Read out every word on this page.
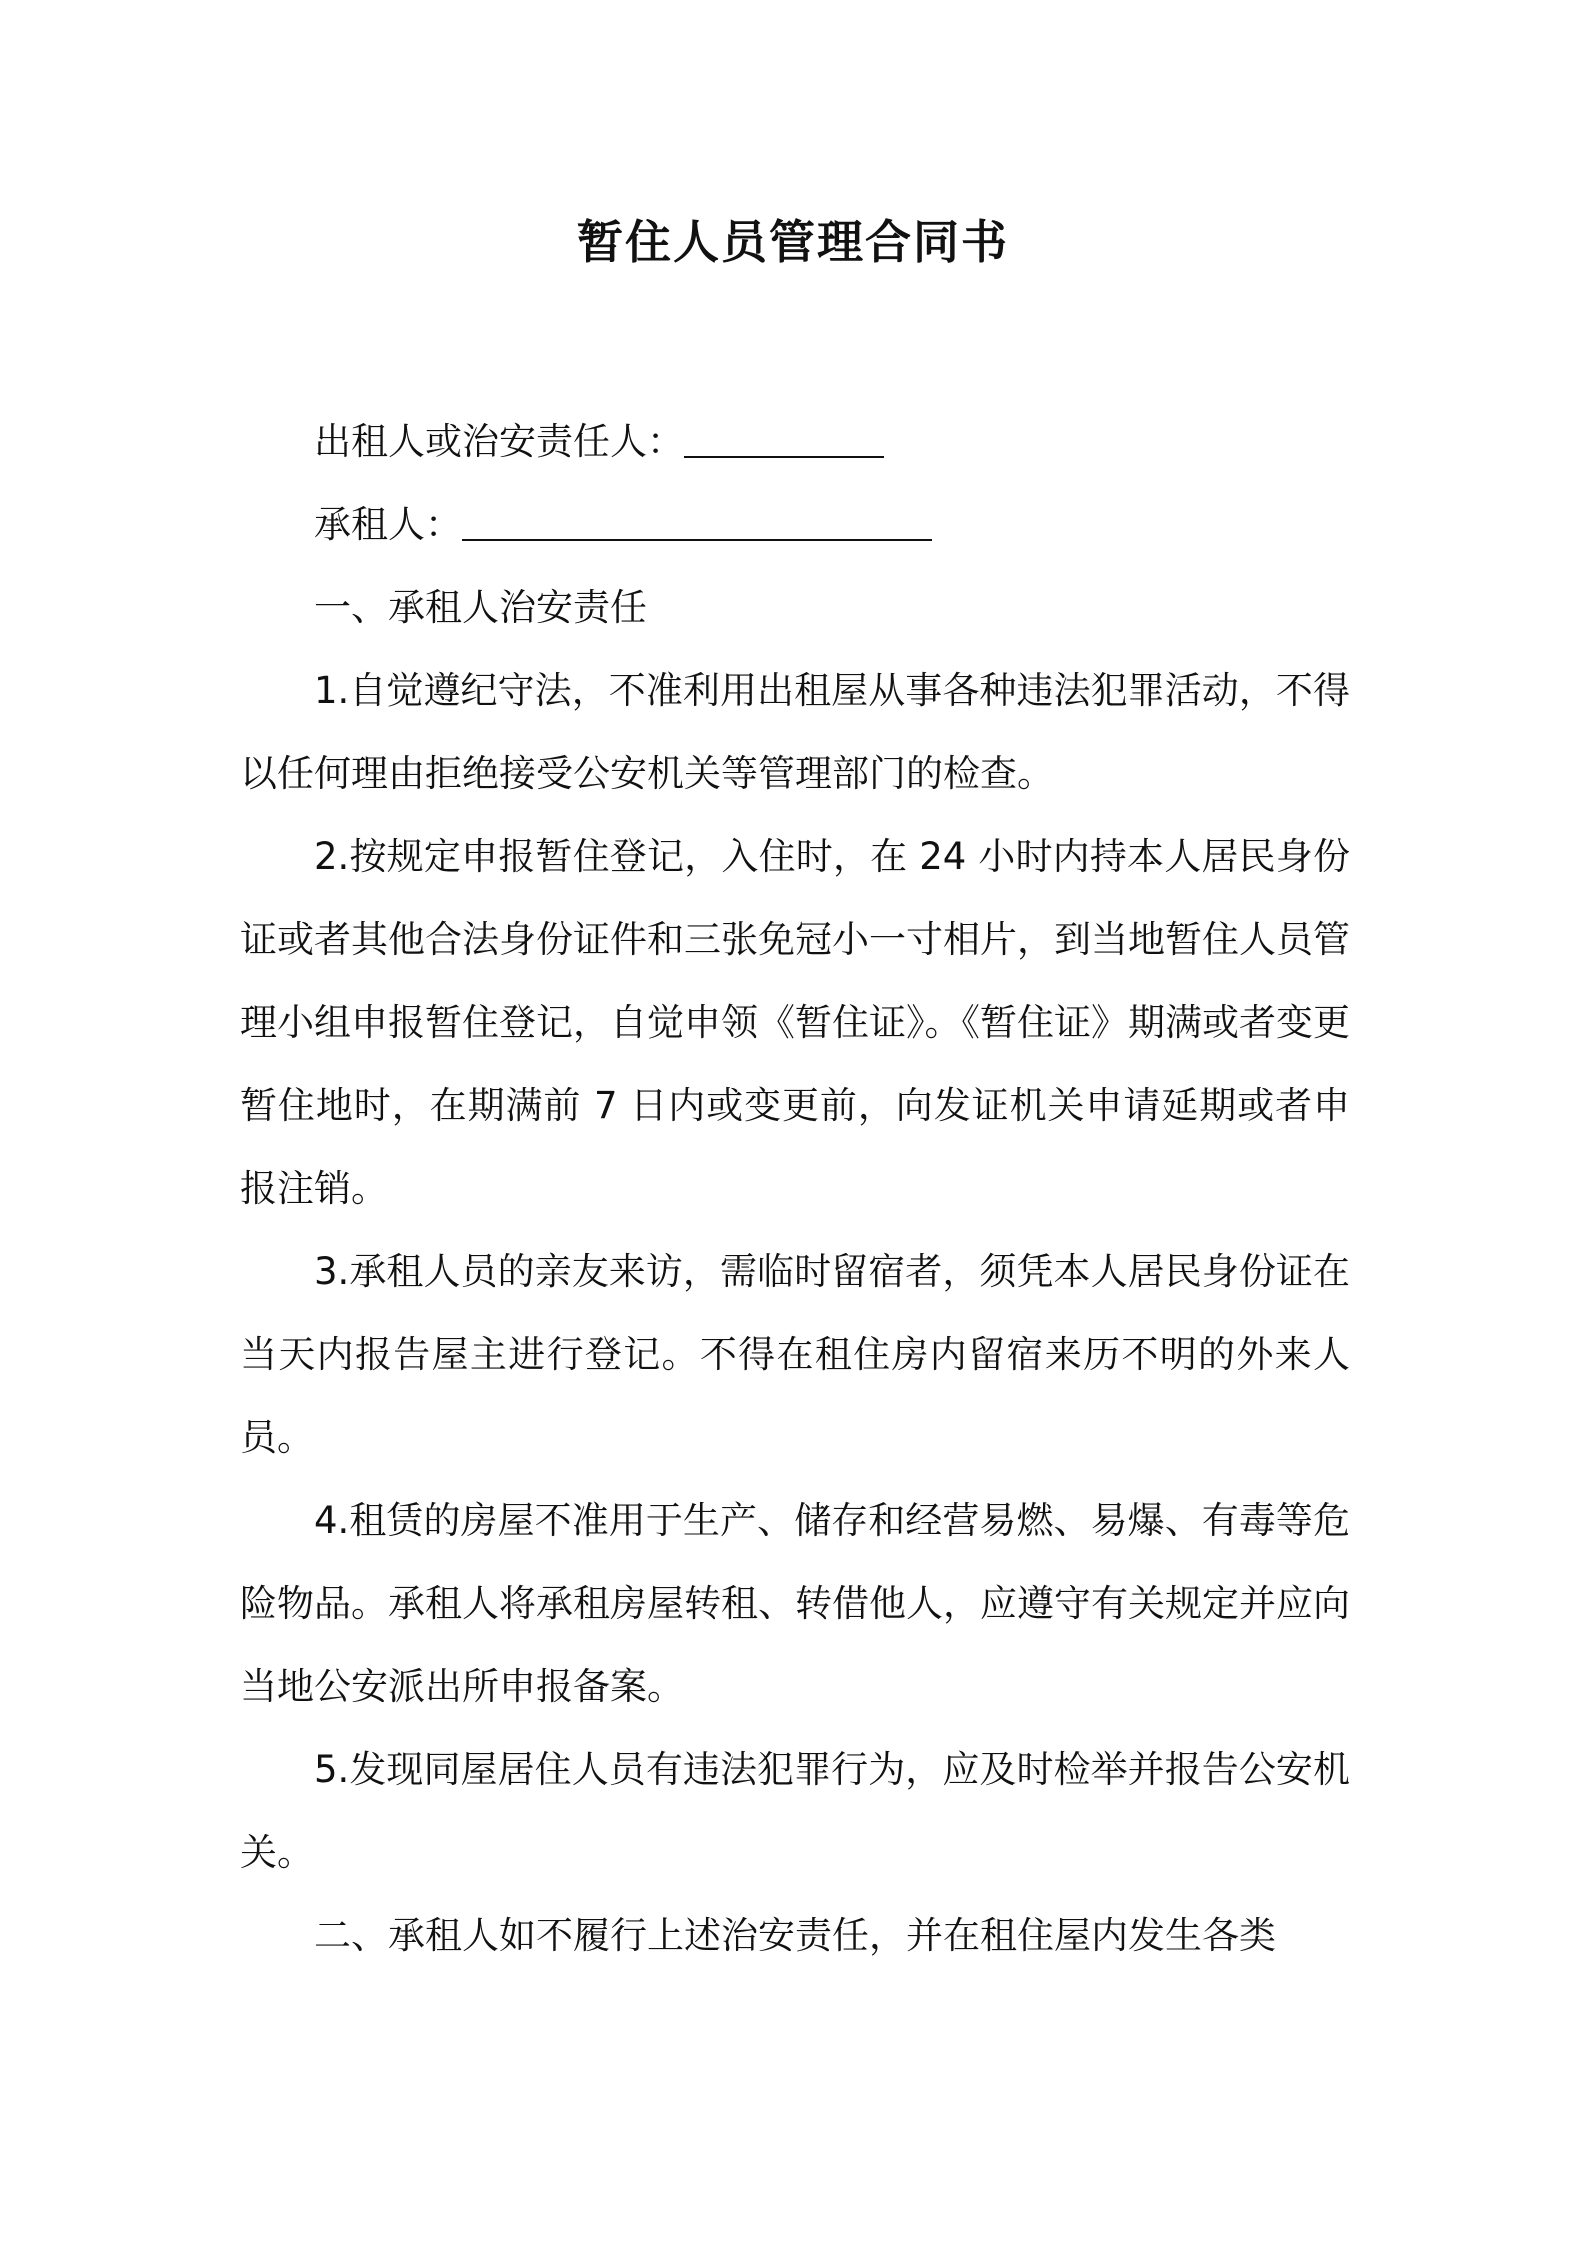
暂住人员管理合同书

出租人或治安责任人：

承租人：

一、承租人治安责任

1.自觉遵纪守法，不准利用出租屋从事各种违法犯罪活动，不得以任何理由拒绝接受公安机关等管理部门的检查。

2.按规定申报暂住登记，入住时，在 24 小时内持本人居民身份证或者其他合法身份证件和三张免冠小一寸相片，到当地暂住人员管理小组申报暂住登记，自觉申领《暂住证》。《暂住证》期满或者变更暂住地时，在期满前 7 日内或变更前，向发证机关申请延期或者申报注销。

3.承租人员的亲友来访，需临时留宿者，须凭本人居民身份证在当天内报告屋主进行登记。不得在租住房内留宿来历不明的外来人员。

4.租赁的房屋不准用于生产、储存和经营易燃、易爆、有毒等危险物品。承租人将承租房屋转租、转借他人，应遵守有关规定并应向当地公安派出所申报备案。

5.发现同屋居住人员有违法犯罪行为，应及时检举并报告公安机关。

二、承租人如不履行上述治安责任，并在租住屋内发生各类
